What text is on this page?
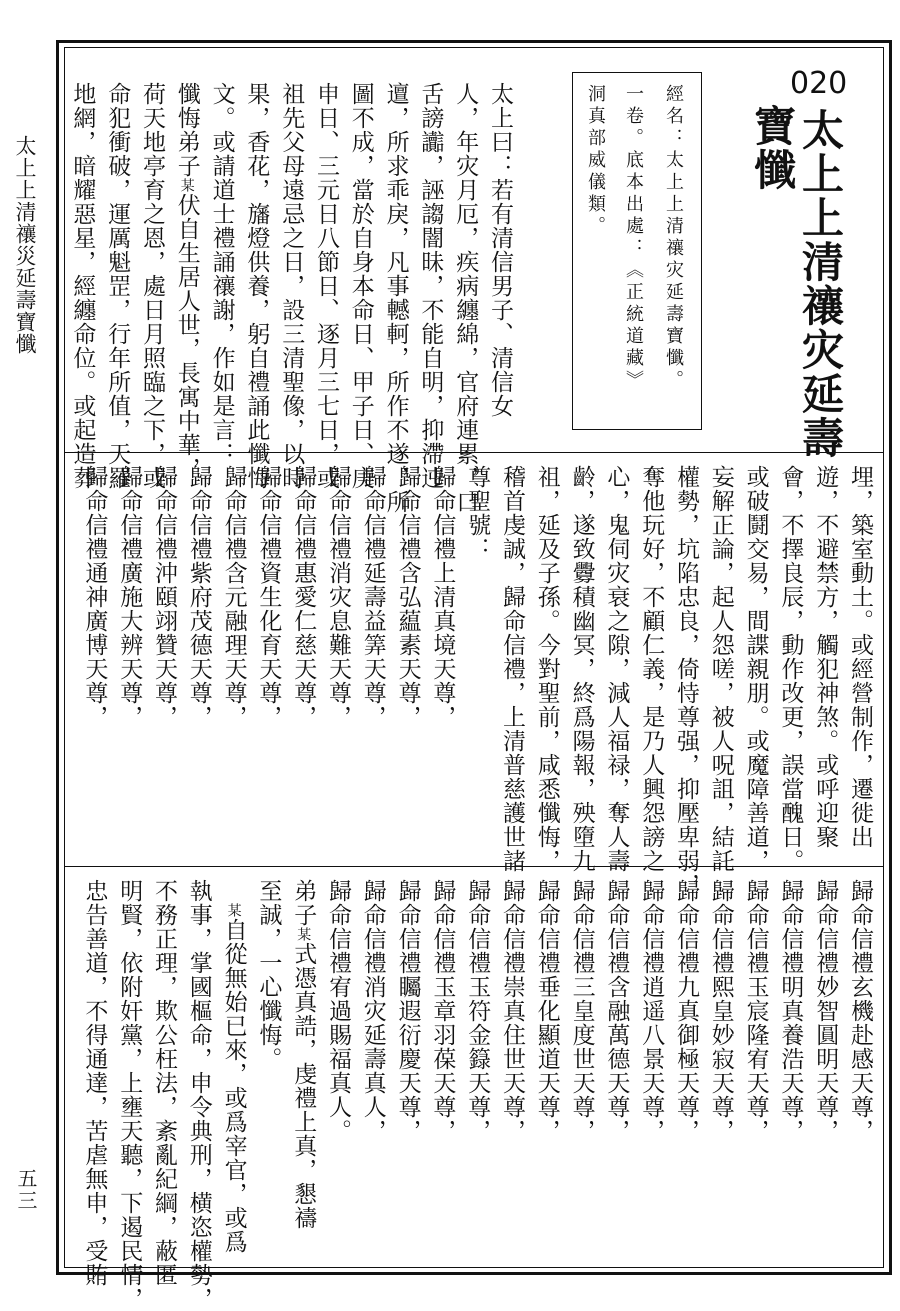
太上上清禳災延壽寶懺
五三
020
太上上清禳灾延壽
寶懺
經名：太上上清禳灾延壽寶懺。
一卷。底本出處：《正統道藏》
洞真部威儀類。
太上曰：若有清信男子、清信女
人，年灾月厄，疾病纏綿，官府連累，口
舌謗讟，誣謅闇昧，不能自明，抑滯迍
邅，所求乖戾，凡事轗軻，所作不遂，所
圖不成，當於自身本命日、甲子日、庚
申日、三元日八節日、逐月三七日，或
祖先父母遠忌之日，設三清聖像，以時
果，香花，旛燈供養，躬自禮誦此懺悔
文。或請道士禮誦禳謝，作如是言：
懺悔弟子某伏自生居人世，長寓中華，
荷天地亭育之恩，處日月照臨之下，或
命犯衝破，運厲魁罡，行年所值，天羅
地網，暗耀惡星，經纏命位。或起造葬
埋，築室動土。或經營制作，遷徙出
遊，不避禁方，觸犯神煞。或呼迎聚
會，不擇良辰，動作改更，誤當醜日。
或破鬪交易，間諜親朋。或魔障善道，
妄解正論，起人怨嗟，被人呪詛，結託
權勢，坑陷忠良，倚恃尊强，抑壓卑弱，
奪他玩好，不顧仁義，是乃人興怨謗之
心，鬼伺灾衰之隙，減人福禄，奪人壽
齡，遂致釁積幽冥，終爲陽報，殃墮九
祖，延及子孫。今對聖前，咸悉懺悔，
稽首虔誠，歸命信禮，上清普慈護世諸
尊聖號：
歸命信禮上清真境天尊，
歸命信禮含弘藴素天尊，
歸命信禮延壽益筭天尊，
歸命信禮消灾息難天尊，
歸命信禮惠愛仁慈天尊，
歸命信禮資生化育天尊，
歸命信禮含元融理天尊，
歸命信禮紫府茂德天尊，
歸命信禮沖頤翊贊天尊，
歸命信禮廣施大辨天尊，
歸命信禮通神廣博天尊，
歸命信禮玄機赴感天尊，
歸命信禮妙智圓明天尊，
歸命信禮明真養浩天尊，
歸命信禮玉宸隆宥天尊，
歸命信禮熙皇妙寂天尊，
歸命信禮九真御極天尊，
歸命信禮逍遥八景天尊，
歸命信禮含融萬德天尊，
歸命信禮三皇度世天尊，
歸命信禮垂化顯道天尊，
歸命信禮崇真住世天尊，
歸命信禮玉符金籙天尊，
歸命信禮玉章羽葆天尊，
歸命信禮矚遐衍慶天尊，
歸命信禮消灾延壽真人，
歸命信禮宥過賜福真人。
弟子某式憑真誥，虔禮上真，懇禱
至誠，一心懺悔。
　某自從無始已來，或爲宰官，或爲
執事，掌國樞命，申令典刑，横恣權勢，
不務正理，欺公枉法，紊亂紀綱，蔽匿
明賢，依附奸黨，上壅天聽，下遏民情，
忠告善道，不得通達，苦虐無申，受賄
